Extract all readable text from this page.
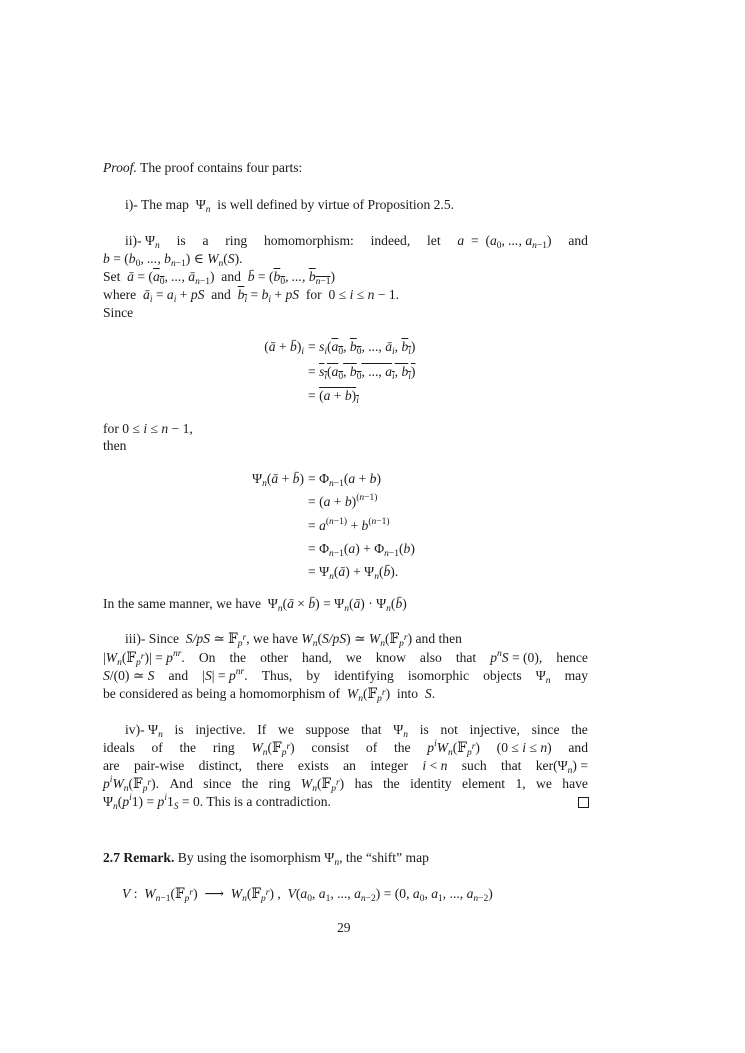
Proof. The proof contains four parts:
i)- The map  $\Psi_n$  is well defined by virtue of Proposition 2.5.
ii)- $\Psi_n$ is a ring homomorphism: indeed, let $a = (a_0$, ..., $a_{n-1}$) and
$b = (b_0$, ..., $b_{n-1}$) ∈ $W_n(S)$.
Set  ā = ($a_0$, ..., $ā_{n-1}$)  and  b̄ = ($b_0$, ..., $b_{n-1}$)
where  $ā_i = a_i$ + pS  and  $b_i = b_i$ + pS  for  0 ≤ i ≤ n − 1.
Since
(ā + $b̄)_i = s_i(a_0$, $b_0$, ..., $ā_i$, $b_i$)
= $s_i(a_0$, $b_0$, ..., $a_i$, $b_i$)
= $(a + b)_i$
for 0 ≤ i ≤ n − 1,
then
$\Psi_n(ā$ + b̄) = $\Phi_{n-1}(a + b)$
= $(a + b)^{(n-1)}$
= $a^{(n-1)} + b^{(n-1)}$
= $\Phi_{n-1}(a) + \Phi_{n-1}(b)$
= $\Psi_n(ā)$ + $\Psi_n(b̄)$.
In the same manner, we have  $\Psi_n(ā$ × b̄) = $\Psi_n(ā)$ · $\Psi_n(b̄)$
iii)- Since  S/pS ≃ 𝔽$_{p^r}$, we have $W_n(S/pS)$ ≃ $W_n(𝔽_{p^r})$ and then
$|W_n(𝔽_{p^r})| = p^{nr}$. On the other hand, we know also that $p^nS = (0)$, hence
S/(0) ≃ S and $|S| = p^{nr}$. Thus, by identifying isomorphic objects $\Psi_n$ may
be considered as being a homomorphism of  $W_n(𝔽_{p^r})$  into  S.
iv)- $\Psi_n$ is injective. If we suppose that $\Psi_n$ is not injective, since the
ideals of the ring $W_n(𝔽_{p^r})$ consist of the $p^iW_n(𝔽_{p^r}) (0 \le i \le n)$ and
are pair-wise distinct, there exists an integer i < n such that $ker(\Psi_n)$ =
$p^iW_n(𝔽_{p^r})$. And since the ring $W_n(𝔽_{p^r})$ has the identity element 1, we have
$\Psi_n(p^i1) = p^i1_S = 0$. This is a contradiction.
2.7 Remark. By using the isomorphism $\Psi_n$, the “shift” map
V :  $W_{n-1}(𝔽_{p^r})$  ⟶  $W_n(𝔽_{p^r})$ ,  $V(a_0$, $a_1$, ..., $a_{n-2}) = (0$, $a_0$, $a_1$, ..., $a_{n-2}$)
29
